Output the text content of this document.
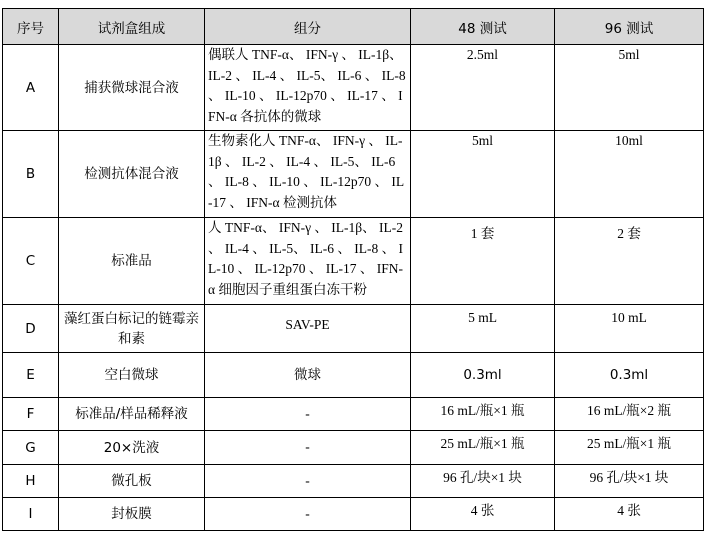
序号	试剂盒组成	组分	48 测试	96 测试
A	捕获微球混合液	偶联人 TNF-α、 IFN-γ 、 IL-1β、 IL-2 、 IL-4 、 IL-5、 IL-6 、 IL-8 、 IL-10 、 IL-12p70 、 IL-17 、 IFN-α 各抗体的微球	2.5ml	5ml
B	检测抗体混合液	生物素化人 TNF-α、 IFN-γ 、 IL-1β 、 IL-2 、 IL-4 、 IL-5、 IL-6 、 IL-8 、 IL-10 、 IL-12p70 、 IL-17 、 IFN-α 检测抗体	5ml	10ml
C	标准品	人 TNF-α、 IFN-γ 、 IL-1β、 IL-2 、 IL-4 、 IL-5、 IL-6 、 IL-8 、 IL-10 、 IL-12p70 、 IL-17 、 IFN-α 细胞因子重组蛋白冻干粉	1 套	2 套
D	藻红蛋白标记的链霉亲和素	SAV-PE	5 mL	10 mL
E	空白微球	微球	0.3ml	0.3ml
F	标准品/样品稀释液	-	16 mL/瓶×1 瓶	16 mL/瓶×2 瓶
G	20×洗液	-	25 mL/瓶×1 瓶	25 mL/瓶×1 瓶
H	微孔板	-	96 孔/块×1 块	96 孔/块×1 块
I	封板膜	-	4 张	4 张
